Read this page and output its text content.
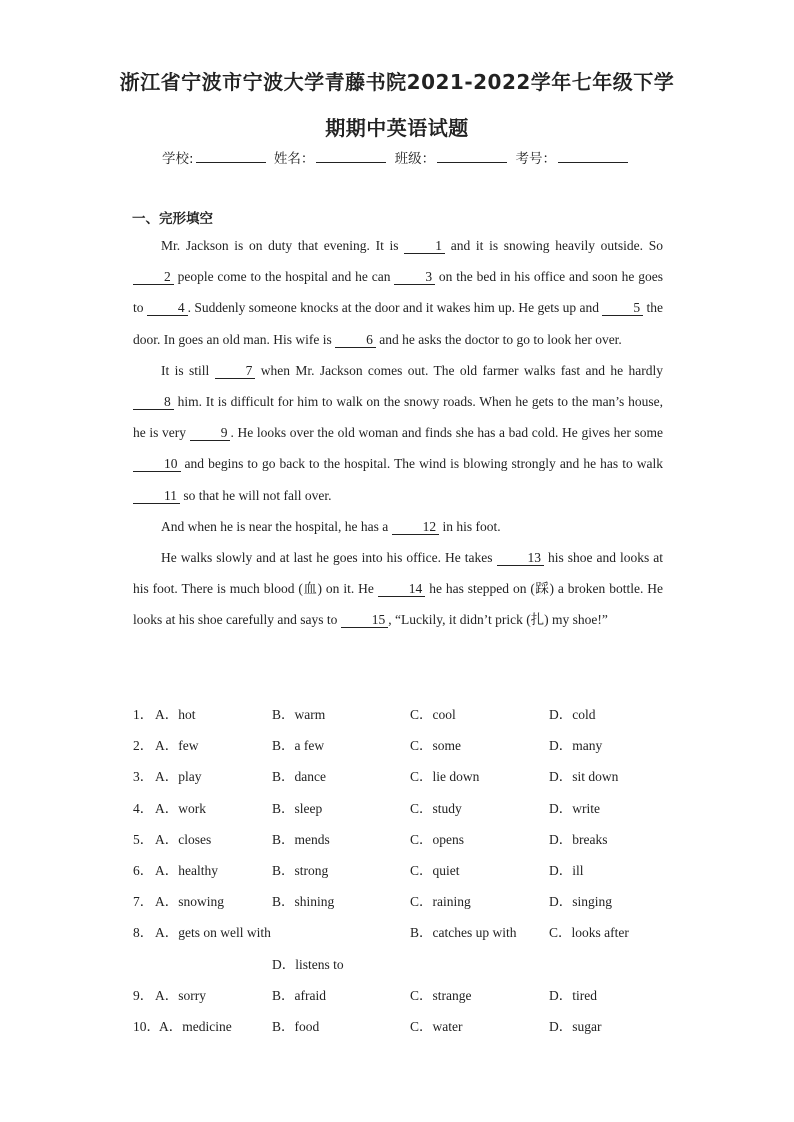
浙江省宁波市宁波大学青藤书院2021-2022学年七年级下学
期期中英语试题
学校:	姓名：	班级：	考号：
一、完形填空

Mr. Jackson is on duty that evening. It is 1 and it is snowing heavily outside. So 2 people come to the hospital and he can 3 on the bed in his office and soon he goes to 4 . Suddenly someone knocks at the door and it wakes him up. He gets up and 5 the door. In goes an old man. His wife is 6 and he asks the doctor to go to look her over.

It is still 7 when Mr. Jackson comes out. The old farmer walks fast and he hardly 8 him. It is difficult for him to walk on the snowy roads. When he gets to the man’s house, he is very 9 . He looks over the old woman and finds she has a bad cold. He gives her some 10 and begins to go back to the hospital. The wind is blowing strongly and he has to walk 11 so that he will not fall over.

And when he is near the hospital, he has a 12 in his foot.

He walks slowly and at last he goes into his office. He takes 13 his shoe and looks at his foot. There is much blood (血) on it. He 14 he has stepped on (踩) a broken bottle. He looks at his shoe carefully and says to 15 , “Luckily, it didn’t prick (扎) my shoe!”

1． A．hot	B．warm	C．cool	D．cold
2． A．few	B．a few	C．some	D．many
3． A．play	B．dance	C．lie down	D．sit down
4． A．work	B．sleep	C．study	D．write
5． A．closes	B．mends	C．opens	D．breaks
6． A．healthy	B．strong	C．quiet	D．ill
7． A．snowing	B．shining	C．raining	D．singing
8． A．gets on well with	B．catches up with C．looks after
D．listens to
9． A．sorry	B．afraid	C．strange	D．tired
10． A．medicine	B．food	C．water	D．sugar
